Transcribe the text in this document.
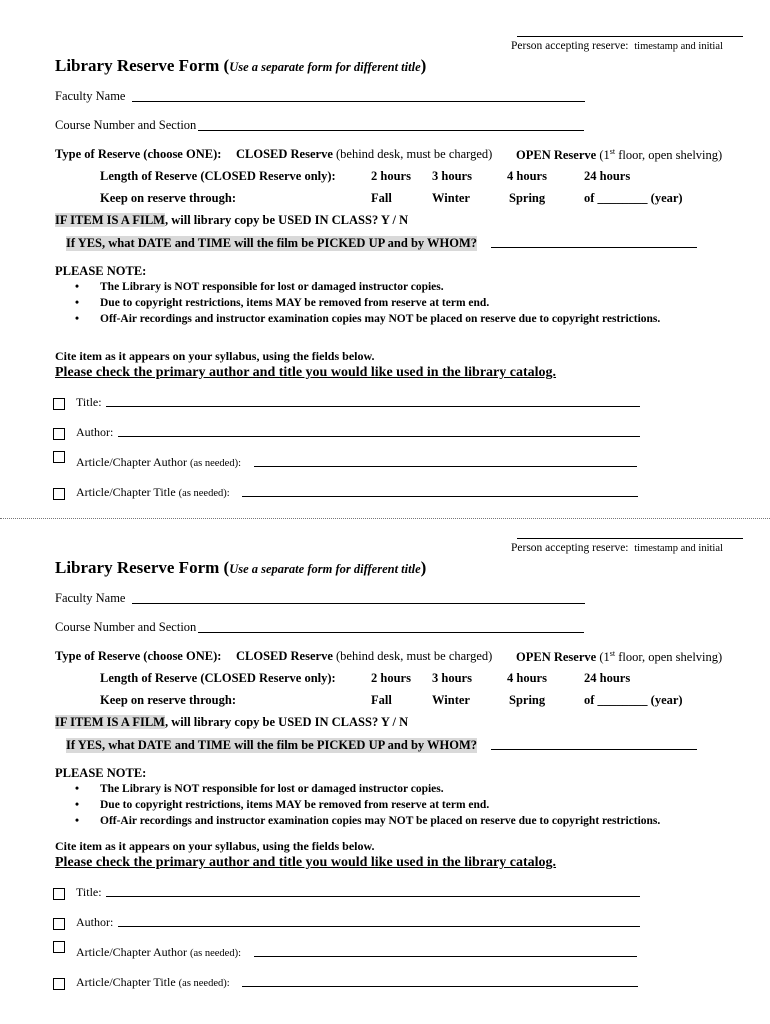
Person accepting reserve: timestamp and initial
Library Reserve Form (Use a separate form for different title)
Faculty Name
Course Number and Section
Type of Reserve (choose ONE): CLOSED Reserve (behind desk, must be charged) OPEN Reserve (1st floor, open shelving)
Length of Reserve (CLOSED Reserve only):	2 hours 3 hours	4 hours	24 hours
Keep on reserve through:	Fall	Winter	Spring	of ________ (year)
IF ITEM IS A FILM, will library copy be USED IN CLASS? Y / N
If YES, what DATE and TIME will the film be PICKED UP and by WHOM?
PLEASE NOTE:
• The Library is NOT responsible for lost or damaged instructor copies.
• Due to copyright restrictions, items MAY be removed from reserve at term end.
• Off-Air recordings and instructor examination copies may NOT be placed on reserve due to copyright restrictions.
Cite item as it appears on your syllabus, using the fields below.
Please check the primary author and title you would like used in the library catalog.
Title:
Author:
Article/Chapter Author (as needed):
Article/Chapter Title (as needed):
Person accepting reserve: timestamp and initial
Library Reserve Form (Use a separate form for different title)
Faculty Name
Course Number and Section
Type of Reserve (choose ONE): CLOSED Reserve (behind desk, must be charged) OPEN Reserve (1st floor, open shelving)
Length of Reserve (CLOSED Reserve only):	2 hours 3 hours	4 hours	24 hours
Keep on reserve through:	Fall	Winter	Spring	of ________ (year)
IF ITEM IS A FILM, will library copy be USED IN CLASS? Y / N
If YES, what DATE and TIME will the film be PICKED UP and by WHOM?
PLEASE NOTE:
• The Library is NOT responsible for lost or damaged instructor copies.
• Due to copyright restrictions, items MAY be removed from reserve at term end.
• Off-Air recordings and instructor examination copies may NOT be placed on reserve due to copyright restrictions.
Cite item as it appears on your syllabus, using the fields below.
Please check the primary author and title you would like used in the library catalog.
Title:
Author:
Article/Chapter Author (as needed):
Article/Chapter Title (as needed):
